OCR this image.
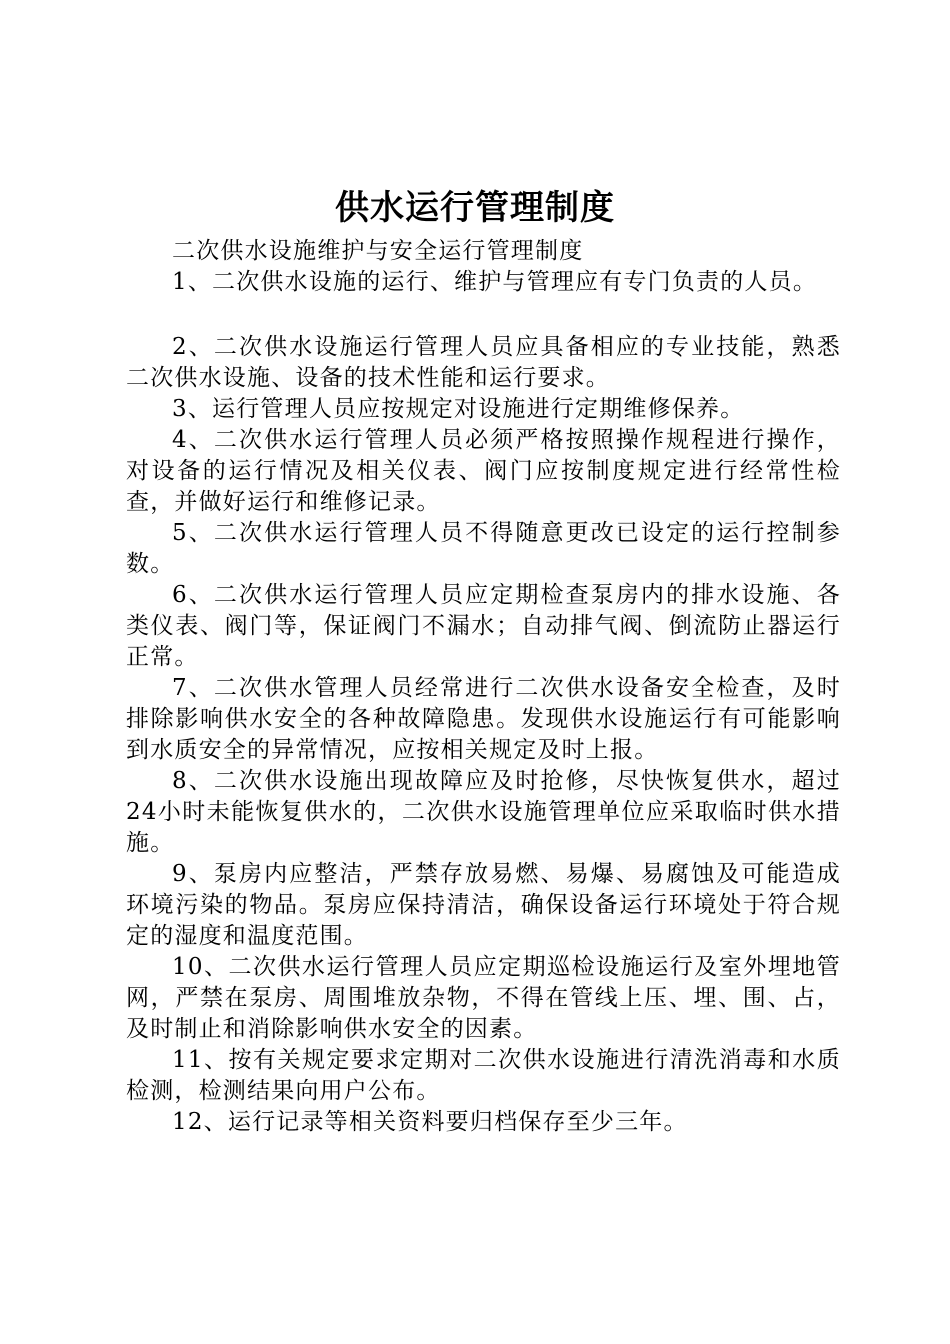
供水运行管理制度

二次供水设施维护与安全运行管理制度

1、二次供水设施的运行、维护与管理应有专门负责的人员。

2、二次供水设施运行管理人员应具备相应的专业技能，熟悉二次供水设施、设备的技术性能和运行要求。

3、运行管理人员应按规定对设施进行定期维修保养。

4、二次供水运行管理人员必须严格按照操作规程进行操作，对设备的运行情况及相关仪表、阀门应按制度规定进行经常性检查，并做好运行和维修记录。

5、二次供水运行管理人员不得随意更改已设定的运行控制参数。

6、二次供水运行管理人员应定期检查泵房内的排水设施、各类仪表、阀门等，保证阀门不漏水；自动排气阀、倒流防止器运行正常。

7、二次供水管理人员经常进行二次供水设备安全检查，及时排除影响供水安全的各种故障隐患。发现供水设施运行有可能影响到水质安全的异常情况，应按相关规定及时上报。

8、二次供水设施出现故障应及时抢修，尽快恢复供水，超过24小时未能恢复供水的，二次供水设施管理单位应采取临时供水措施。

9、泵房内应整洁，严禁存放易燃、易爆、易腐蚀及可能造成环境污染的物品。泵房应保持清洁，确保设备运行环境处于符合规定的湿度和温度范围。

10、二次供水运行管理人员应定期巡检设施运行及室外埋地管网，严禁在泵房、周围堆放杂物，不得在管线上压、埋、围、占，及时制止和消除影响供水安全的因素。

11、按有关规定要求定期对二次供水设施进行清洗消毒和水质检测，检测结果向用户公布。

12、运行记录等相关资料要归档保存至少三年。
